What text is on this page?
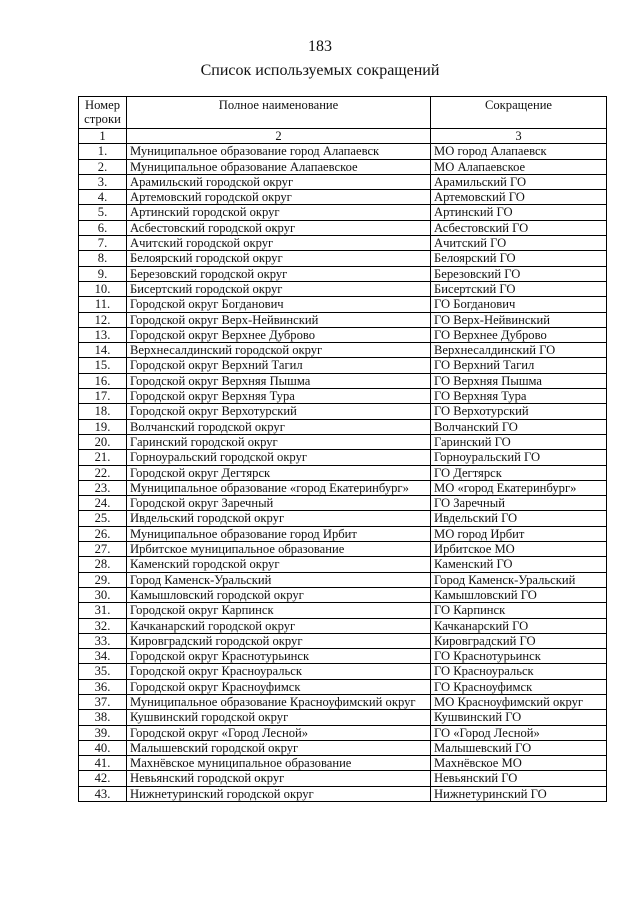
183
Список используемых сокращений
Номер строки	Полное наименование	Сокращение
1	2	3
1.	Муниципальное образование город Алапаевск	МО город Алапаевск
2.	Муниципальное образование Алапаевское	МО Алапаевское
3.	Арамильский городской округ	Арамильский ГО
4.	Артемовский городской округ	Артемовский ГО
5.	Артинский городской округ	Артинский ГО
6.	Асбестовский городской округ	Асбестовский ГО
7.	Ачитский городской округ	Ачитский ГО
8.	Белоярский городской округ	Белоярский ГО
9.	Березовский городской округ	Березовский ГО
10.	Бисертский городской округ	Бисертский ГО
11.	Городской округ Богданович	ГО Богданович
12.	Городской округ Верх-Нейвинский	ГО Верх-Нейвинский
13.	Городской округ Верхнее Дуброво	ГО Верхнее Дуброво
14.	Верхнесалдинский городской округ	Верхнесалдинский ГО
15.	Городской округ Верхний Тагил	ГО Верхний Тагил
16.	Городской округ Верхняя Пышма	ГО Верхняя Пышма
17.	Городской округ Верхняя Тура	ГО Верхняя Тура
18.	Городской округ Верхотурский	ГО Верхотурский
19.	Волчанский городской округ	Волчанский ГО
20.	Гаринский городской округ	Гаринский ГО
21.	Горноуральский городской округ	Горноуральский ГО
22.	Городской округ Дегтярск	ГО Дегтярск
23.	Муниципальное образование «город Екатеринбург»	МО «город Екатеринбург»
24.	Городской округ Заречный	ГО Заречный
25.	Ивдельский городской округ	Ивдельский ГО
26.	Муниципальное образование город Ирбит	МО город Ирбит
27.	Ирбитское муниципальное образование	Ирбитское МО
28.	Каменский городской округ	Каменский ГО
29.	Город Каменск-Уральский	Город Каменск-Уральский
30.	Камышловский городской округ	Камышловский ГО
31.	Городской округ Карпинск	ГО Карпинск
32.	Качканарский городской округ	Качканарский ГО
33.	Кировградский городской округ	Кировградский ГО
34.	Городской округ Краснотурьинск	ГО Краснотурьинск
35.	Городской округ Красноуральск	ГО Красноуральск
36.	Городской округ Красноуфимск	ГО Красноуфимск
37.	Муниципальное образование Красноуфимский округ	МО Красноуфимский округ
38.	Кушвинский городской округ	Кушвинский ГО
39.	Городской округ «Город Лесной»	ГО «Город Лесной»
40.	Малышевский городской округ	Малышевский ГО
41.	Махнёвское муниципальное образование	Махнёвское МО
42.	Невьянский городской округ	Невьянский ГО
43.	Нижнетуринский городской округ	Нижнетуринский ГО
